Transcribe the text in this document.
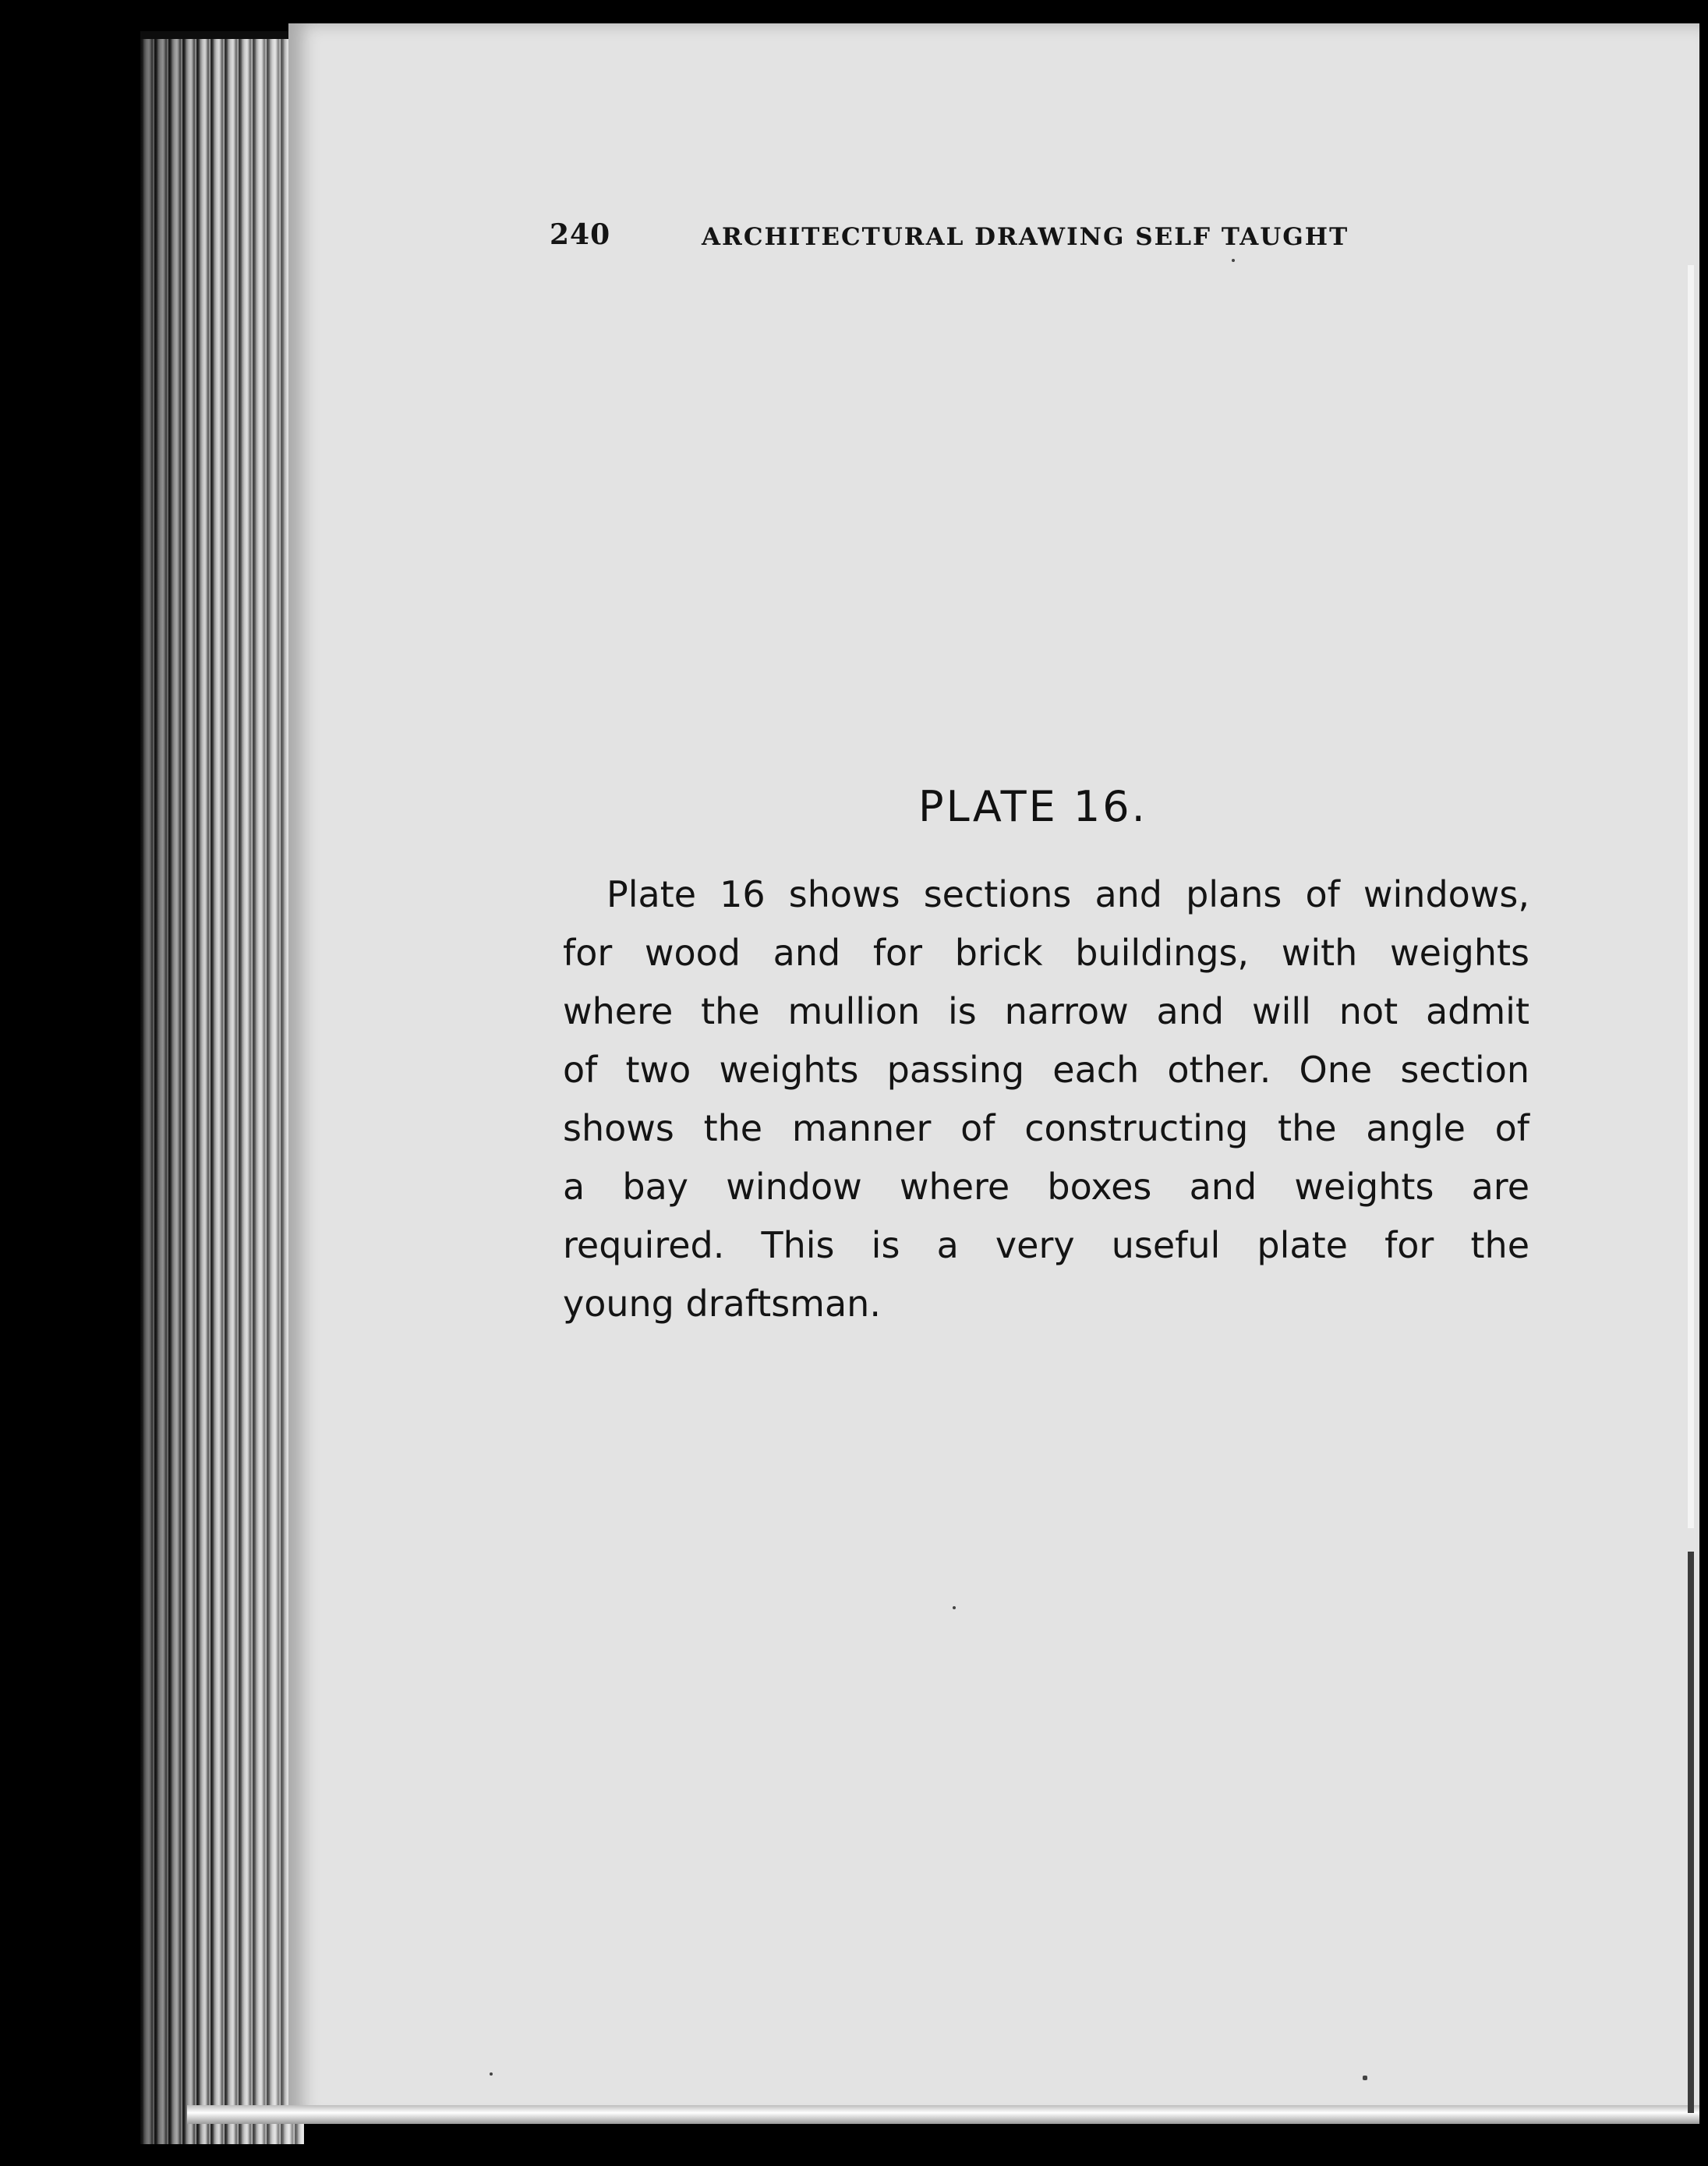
240	ARCHITECTURAL DRAWING SELF TAUGHT
PLATE 16.
Plate 16 shows sections and plans of windows,
for wood and for brick buildings, with weights
where the mullion is narrow and will not admit
of two weights passing each other. One section
shows the manner of constructing the angle of
a bay window where boxes and weights are
required. This is a very useful plate for the
young draftsman.
